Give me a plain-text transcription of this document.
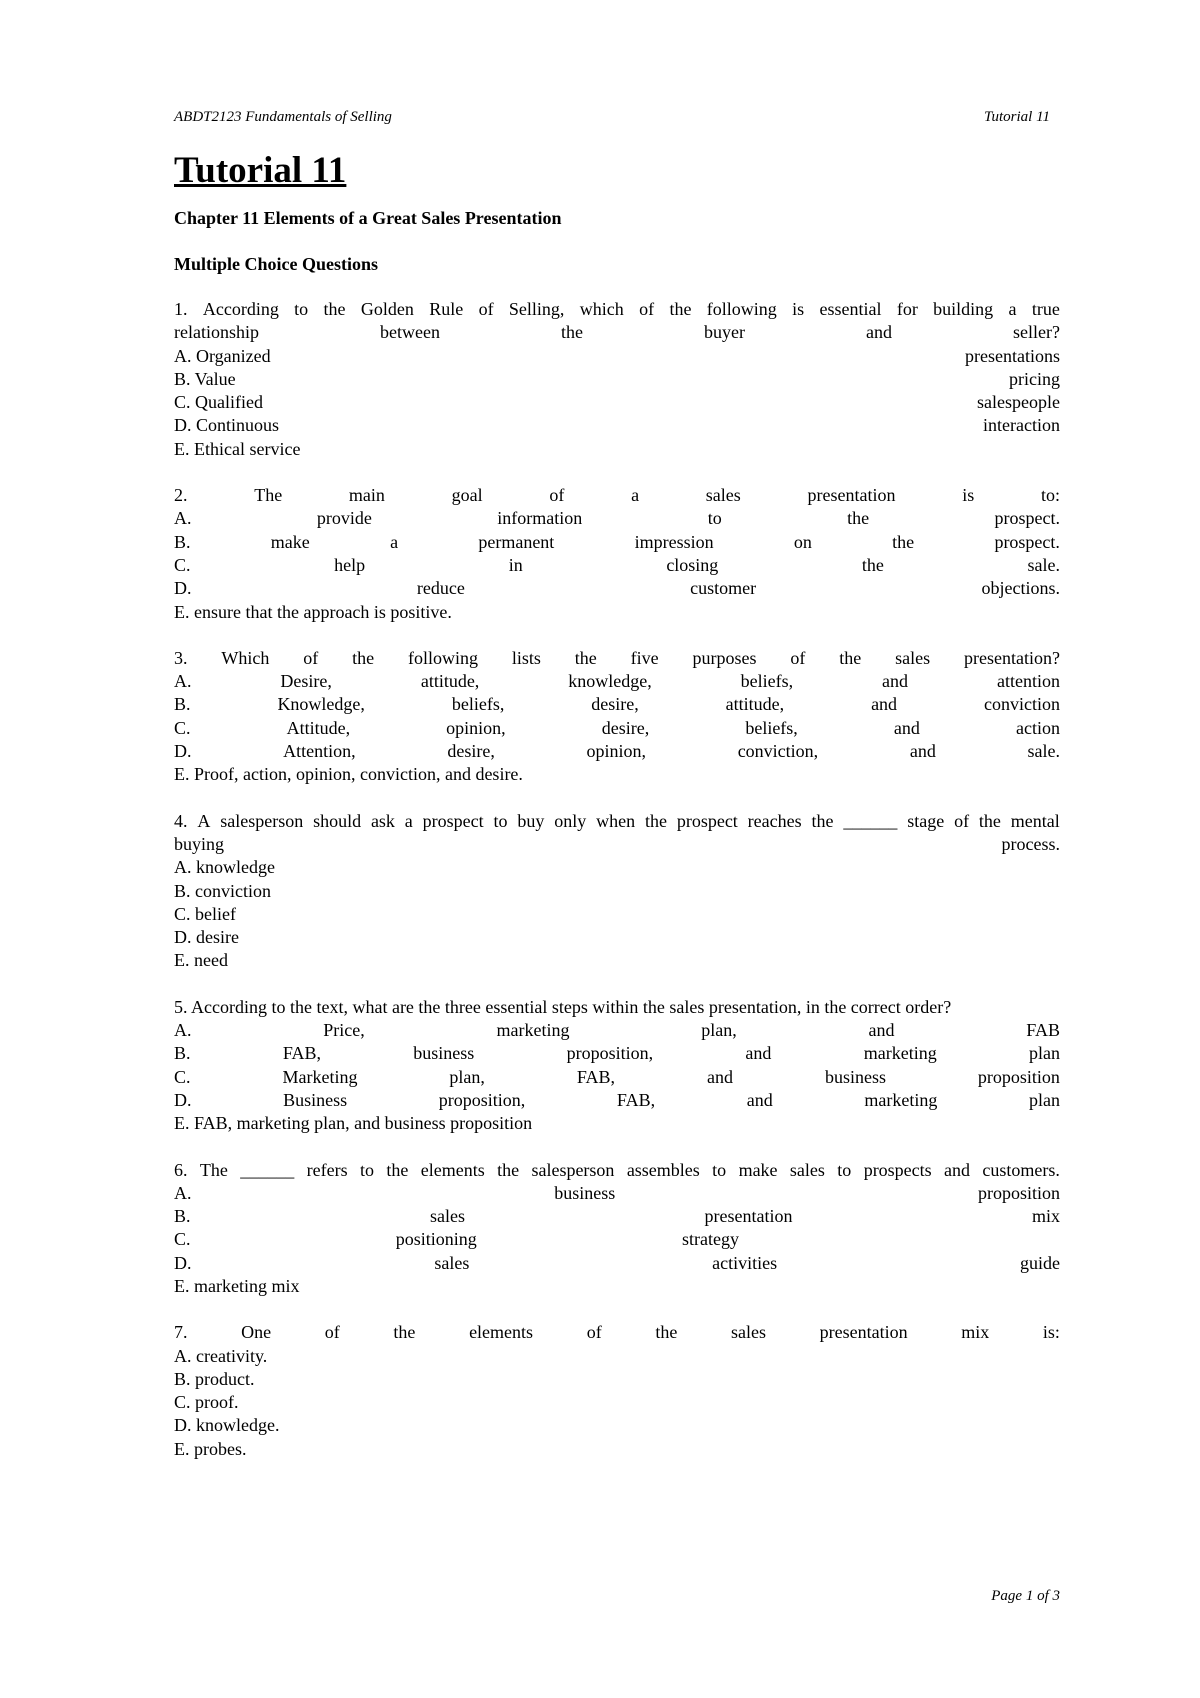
ABDT2123 Fundamentals of Selling	Tutorial 11
Tutorial 11
Chapter 11 Elements of a Great Sales Presentation
Multiple Choice Questions
1. According to the Golden Rule of Selling, which of the following is essential for building a true
relationship	between	the	buyer	and	seller?
A. Organized	presentations
B. Value	pricing
C. Qualified	salespeople
D. Continuous	interaction
E. Ethical service
2.	The	main	goal	of	a	sales	presentation	is	to:
A.	provide	information	to	the	prospect.
B.	make	a	permanent	impression	on	the	prospect.
C.	help	in	closing	the	sale.
D.	reduce	customer	objections.
E. ensure that the approach is positive.
3. Which of the following lists the five purposes of the sales presentation?
A.	Desire,	attitude,	knowledge,	beliefs,	and	attention
B.	Knowledge,	beliefs,	desire,	attitude,	and	conviction
C.	Attitude,	opinion,	desire,	beliefs,	and	action
D.	Attention,	desire,	opinion,	conviction,	and	sale.
E. Proof, action, opinion, conviction, and desire.
4. A salesperson should ask a prospect to buy only when the prospect reaches the ______ stage of the mental
buying	process.
A. knowledge
B. conviction
C. belief
D. desire
E. need
5. According to the text, what are the three essential steps within the sales presentation, in the correct order?
A.	Price,	marketing	plan,	and	FAB
B.	FAB,	business	proposition,	and	marketing	plan
C.	Marketing	plan,	FAB,	and	business	proposition
D.	Business	proposition,	FAB,	and	marketing	plan
E. FAB, marketing plan, and business proposition
6. The ______ refers to the elements the salesperson assembles to make sales to prospects and customers.
A.	business	proposition
B.	sales	presentation	mix
C.	positioning	strategy
D.	sales	activities	guide
E. marketing mix
7.	One	of	the	elements	of	the	sales	presentation	mix	is:
A. creativity.
B. product.
C. proof.
D. knowledge.
E. probes.
Page 1 of 3
